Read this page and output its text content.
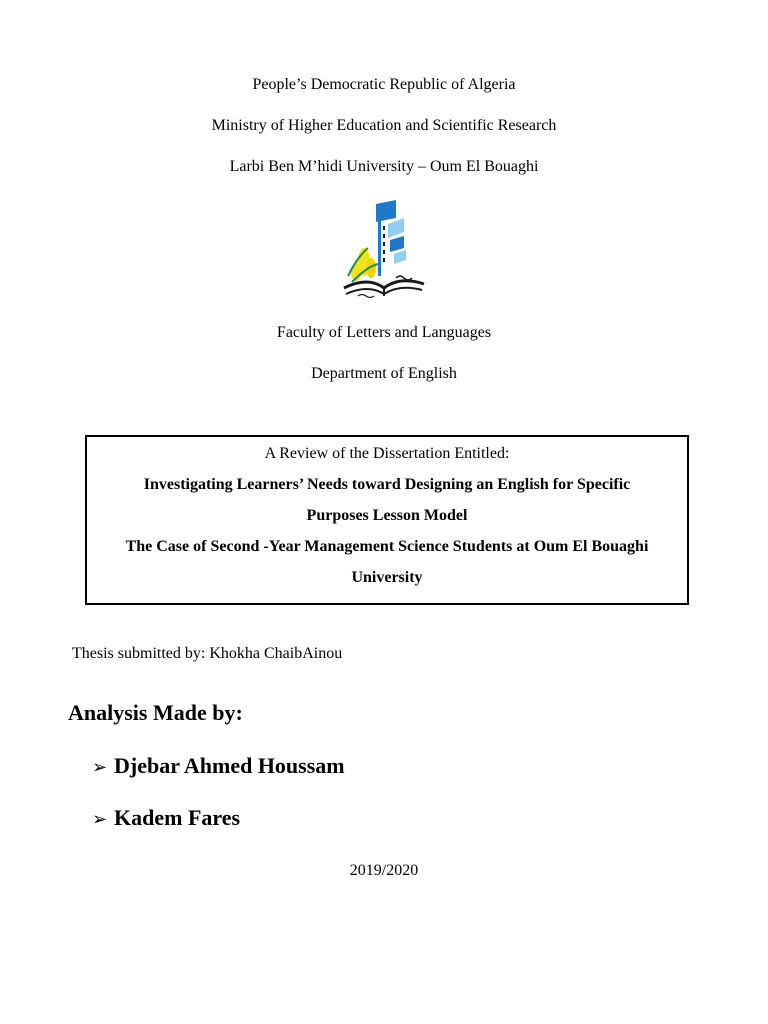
People’s Democratic Republic of Algeria
Ministry of Higher Education and Scientific Research
Larbi Ben M’hidi University – Oum El Bouaghi
Faculty of Letters and Languages
Department of English
A Review of the Dissertation Entitled:
Investigating Learners’ Needs toward Designing an English for Specific
Purposes Lesson Model
The Case of Second -Year Management Science Students at Oum El Bouaghi
University
Thesis submitted by: Khokha ChaibAinou
Analysis Made by:
➢ Djebar Ahmed Houssam
➢ Kadem Fares
2019/2020
